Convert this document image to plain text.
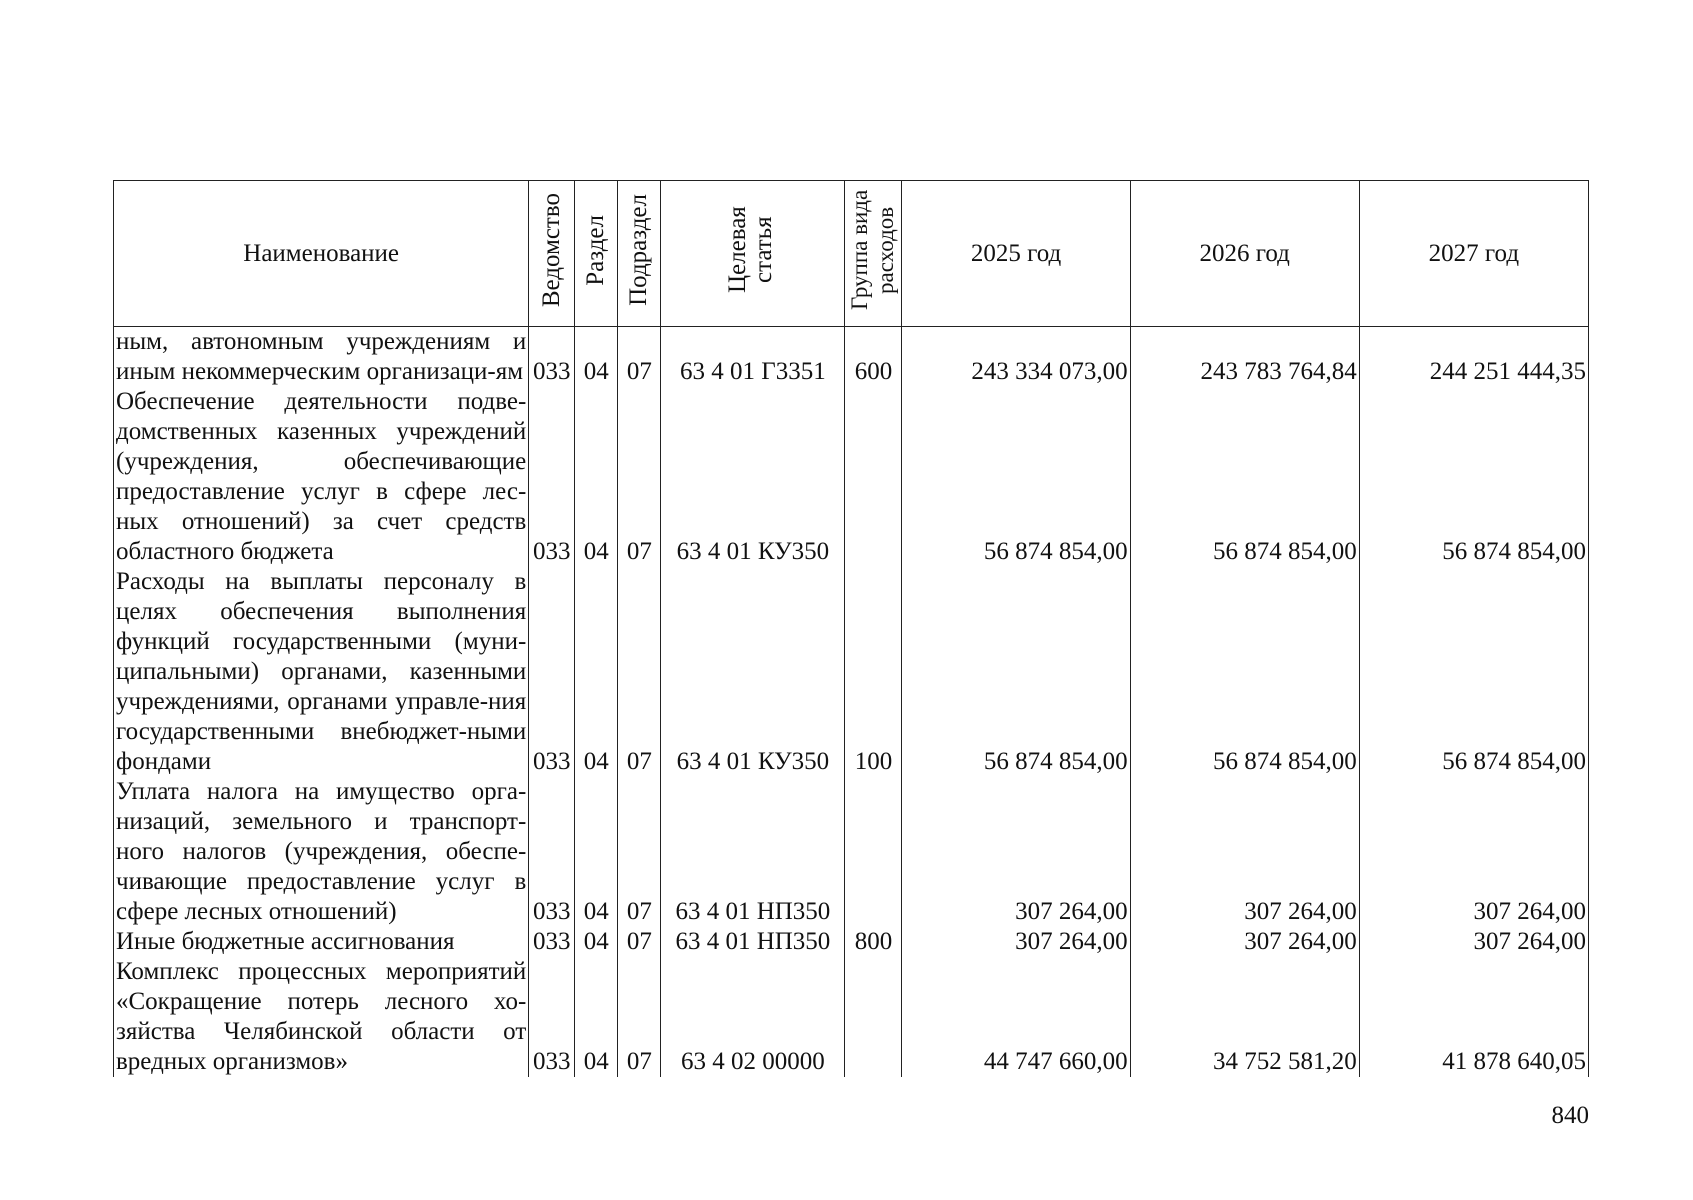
Наименование	Ведомство	Раздел	Подраздел	Целевая статья	Группа вида расходов	2025 год	2026 год	2027 год
ным, автономным учреждениям и иным некоммерческим организаци-ям	033	04	07	63 4 01 Г3351	600	243 334 073,00	243 783 764,84	244 251 444,35
Обеспечение деятельности подве-домственных казенных учреждений (учреждения, обеспечивающие предоставление услуг в сфере лес-ных отношений) за счет средств областного бюджета	033	04	07	63 4 01 КУ350		56 874 854,00	56 874 854,00	56 874 854,00
Расходы на выплаты персоналу в целях обеспечения выполнения функций государственными (муни-ципальными) органами, казенными учреждениями, органами управле-ния государственными внебюджет-ными фондами	033	04	07	63 4 01 КУ350	100	56 874 854,00	56 874 854,00	56 874 854,00
Уплата налога на имущество орга-низаций, земельного и транспорт-ного налогов (учреждения, обеспе-чивающие предоставление услуг в сфере лесных отношений)	033	04	07	63 4 01 НП350		307 264,00	307 264,00	307 264,00
Иные бюджетные ассигнования	033	04	07	63 4 01 НП350	800	307 264,00	307 264,00	307 264,00
Комплекс процессных мероприятий «Сокращение потерь лесного хо-зяйства Челябинской области от вредных организмов»	033	04	07	63 4 02 00000		44 747 660,00	34 752 581,20	41 878 640,05
840
